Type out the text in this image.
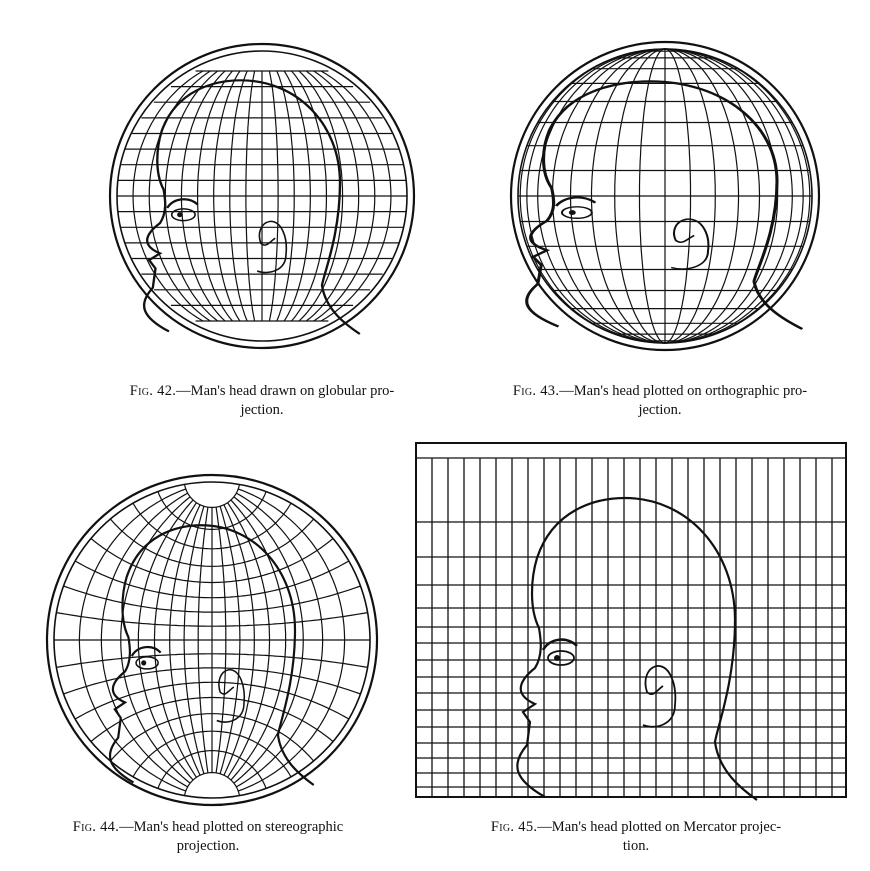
Fig. 42.—Man's head drawn on globular pro-
jection.
Fig. 43.—Man's head plotted on orthographic pro-
jection.
Fig. 44.—Man's head plotted on stereographic
projection.
Fig. 45.—Man's head plotted on Mercator projec-
tion.
